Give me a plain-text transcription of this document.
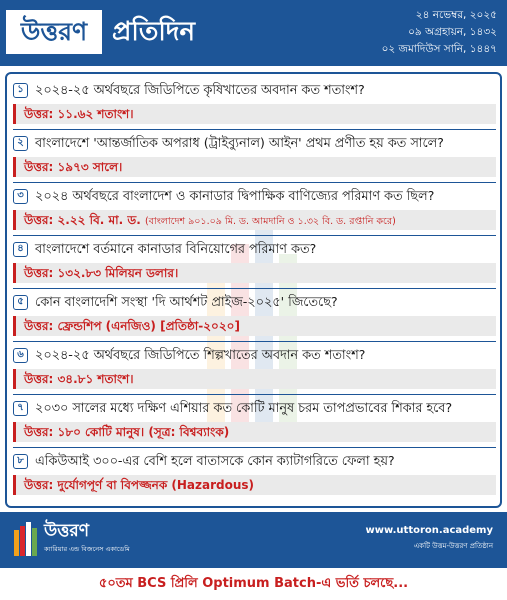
উত্তরণ প্রতিদিন
২৪ নভেম্বর, ২০২৫
০৯ অগ্রহায়ন, ১৪৩২
০২ জমাদিউস সানি, ১৪৪৭
১ ২০২৪-২৫ অর্থবছরে জিডিপিতে কৃষিখাতের অবদান কত শতাংশ?
উত্তর: ১১.৬২ শতাংশ।
২ বাংলাদেশে 'আন্তর্জাতিক অপরাধ (ট্রাইব্যুনাল) আইন' প্রথম প্রণীত হয় কত সালে?
উত্তর: ১৯৭৩ সালে।
৩ ২০২৪ অর্থবছরে বাংলাদেশ ও কানাডার দ্বিপাক্ষিক বাণিজ্যের পরিমাণ কত ছিল?
উত্তর: ২.২২ বি. মা. ড. (বাংলাদেশ ৯০১.০৯ মি. ড. আমদানি ও ১.৩২ বি. ড. রপ্তানি করে)
৪ বাংলাদেশে বর্তমানে কানাডার বিনিয়োগের পরিমাণ কত?
উত্তর: ১৩২.৮৩ মিলিয়ন ডলার।
৫ কোন বাংলাদেশি সংস্থা 'দি আর্থশট প্রাইজ-২০২৫' জিতেছে?
উত্তর: ফ্রেন্ডশিপ (এনজিও) [প্রতিষ্ঠা-২০২০]
৬ ২০২৪-২৫ অর্থবছরে জিডিপিতে শিল্পখাতের অবদান কত শতাংশ?
উত্তর: ৩৪.৮১ শতাংশ।
৭ ২০৩০ সালের মধ্যে দক্ষিণ এশিয়ার কত কোটি মানুষ চরম তাপপ্রভাবের শিকার হবে?
উত্তর: ১৮০ কোটি মানুষ। (সূত্র: বিশ্বব্যাংক)
৮ একিউআই ৩০০-এর বেশি হলে বাতাসকে কোন ক্যাটাগরিতে ফেলা হয়?
উত্তর: দুর্যোগপূর্ণ বা বিপজ্জনক (Hazardous)
উত্তরণ
ক্যারিয়ার এন্ড বিজনেস একাডেমি
www.uttoron.academy
একটি উত্তম-উত্তরণ প্রতিষ্ঠান
৫০তম BCS প্রিলি Optimum Batch-এ ভর্তি চলছে...
